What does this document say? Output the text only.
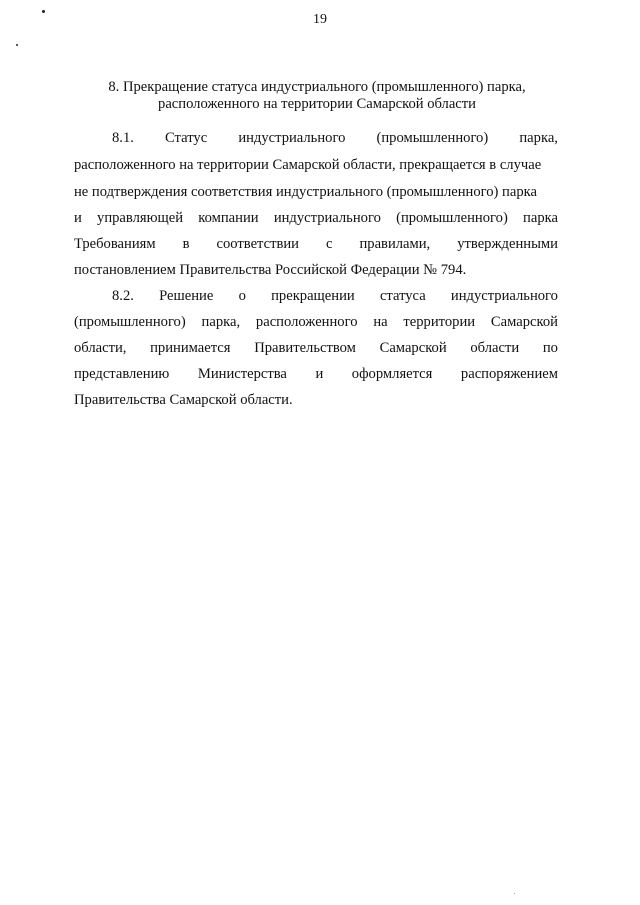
19
8. Прекращение статуса индустриального (промышленного) парка,
расположенного на территории Самарской области
8.1. Статус индустриального (промышленного) парка,
расположенного на территории Самарской области, прекращается в случае
не подтверждения соответствия индустриального (промышленного) парка
и управляющей компании индустриального (промышленного) парка
Требованиям в соответствии с правилами, утвержденными
постановлением Правительства Российской Федерации № 794.
8.2. Решение о прекращении статуса индустриального
(промышленного) парка, расположенного на территории Самарской
области, принимается Правительством Самарской области по
представлению Министерства и оформляется распоряжением
Правительства Самарской области.
